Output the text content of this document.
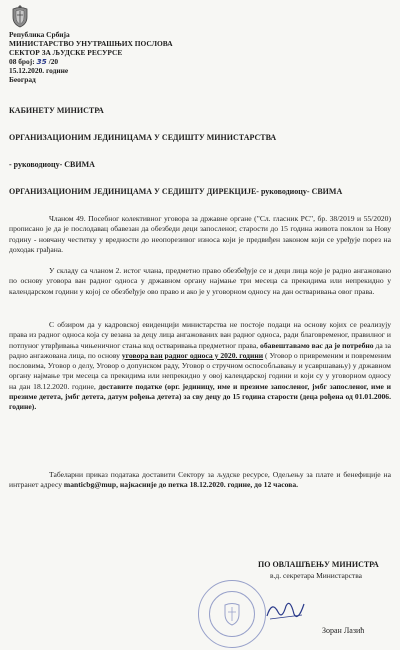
Република Србија
МИНИСТАРСТВО УНУТРАШЊИХ ПОСЛОВА
СЕКТОР ЗА ЉУДСКЕ РЕСУРСЕ
08 број: 35 /20
15.12.2020. године
Београд
КАБИНЕТУ МИНИСТРА
ОРГАНИЗАЦИОНИМ ЈЕДИНИЦАМА У СЕДИШТУ МИНИСТАРСТВА
- руководиоцу- СВИМА
ОРГАНИЗАЦИОНИМ ЈЕДИНИЦАМА У СЕДИШТУ ДИРЕКЦИЈЕ- руководиоцу- СВИМА

Чланом 49. Посебног колективног уговора за државне органе ("Сл. гласник РС", бр. 38/2019 и 55/2020) прописано је да је послодавац обавезан да обезбеди деци запосленог, старости до 15 година живота поклон за Нову годину - новчану честитку у вредности до неопорезивог износа који је предвиђен законом који се уређује порез на доходак грађана.

У складу са чланом 2. истог члана, предметно право обезбеђује се и деци лица које је радно ангажовано по основу уговора ван радног односа у државном органу најмање три месеца са прекидима или непрекидно у календарском години у којој се обезбеђује ово право и ако је у уговорном односу на дан остваривања овог права.

С обзиром да у кадровској евиденцији министарства не постоје подаци на основу којих се реализују права из радног односа која су везана за децу лица ангажованих ван радног односа, ради благовременог, правилног и потпуног утврђивања чињеничног стања код остваривања предметног права, обавештавамо вас да је потребно да за радно ангажована лица, по основу уговора ван радног односа у 2020. години ( Уговор о привременим и повременим пословима, Уговор о делу, Уговор о допунском раду, Уговор о стручном оспособљавању и усавршавању) у државном органу најмање три месеца са прекидима или непрекидно у овој календарској години и који су у уговорном односу на дан 18.12.2020. године, доставите податке (орг. јединицу, име и презиме запосленог, јмбг запосленог, име и презиме детета, јмбг детета, датум рођења детета) за сву децу до 15 година старости (деца рођена од 01.01.2006. године).

Табеларни приказ података доставити Сектору за људске ресурсе, Одељењу за плате и бенефиције на интранет адресу manticbg@mup, најкасније до петка 18.12.2020. године, до 12 часова.

ПО ОВЛАШЋЕЊУ МИНИСТРА
в.д. секретара Министарства
Зоран Лазић
